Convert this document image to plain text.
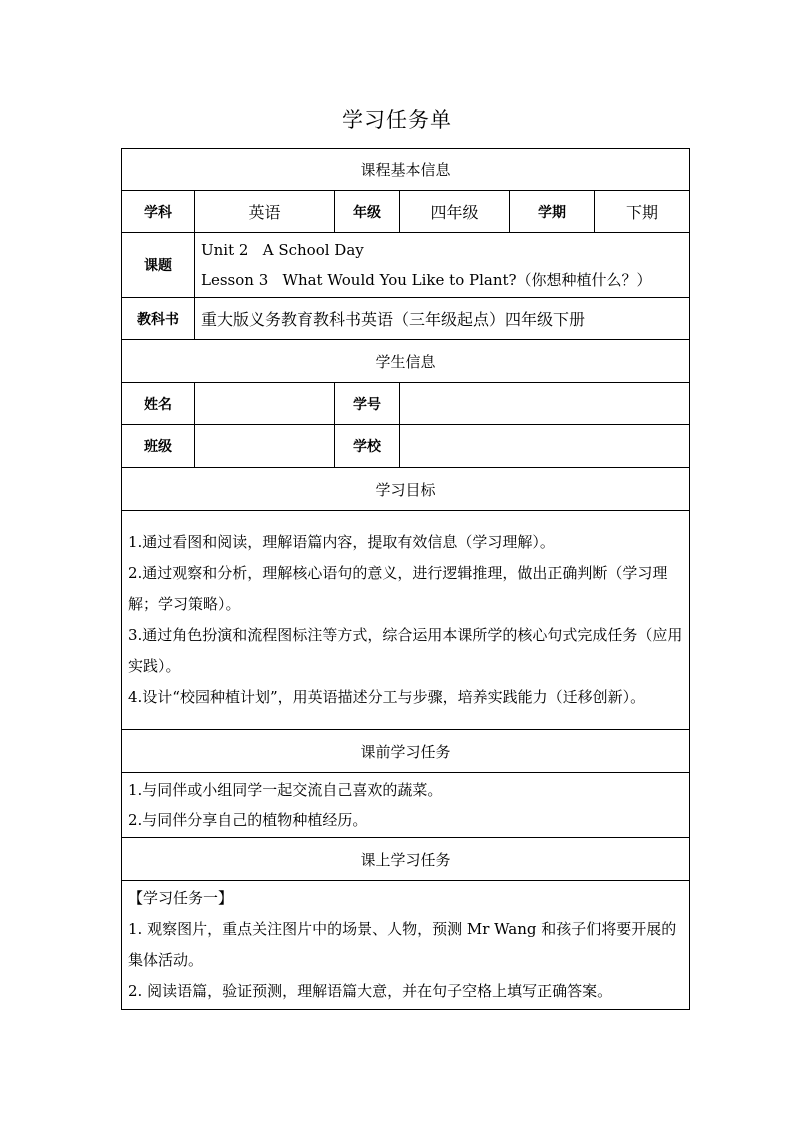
学习任务单
课程基本信息					
学科	英语	年级	四年级	学期	下期
课题	Unit 2   A School Day
Lesson 3   What Would You Like to Plant?（你想种植什么？）				

教科书	重大版义务教育教科书英语（三年级起点）四年级下册				
学生信息					
姓名		学号			
班级		学校			
学习目标					

1.通过看图和阅读，理解语篇内容，提取有效信息（学习理解）。
2.通过观察和分析，理解核心语句的意义，进行逻辑推理，做出正确判断（学习理解；学习策略）。
3.通过角色扮演和流程图标注等方式，综合运用本课所学的核心句式完成任务（应用实践）。
4.设计“校园种植计划”，用英语描述分工与步骤，培养实践能力（迁移创新）。					

课前学习任务					

1.与同伴或小组同学一起交流自己喜欢的蔬菜。
2.与同伴分享自己的植物种植经历。					

课上学习任务					

【学习任务一】
1. 观察图片，重点关注图片中的场景、人物，预测 Mr Wang 和孩子们将要开展的集体活动。
2. 阅读语篇，验证预测，理解语篇大意，并在句子空格上填写正确答案。					
